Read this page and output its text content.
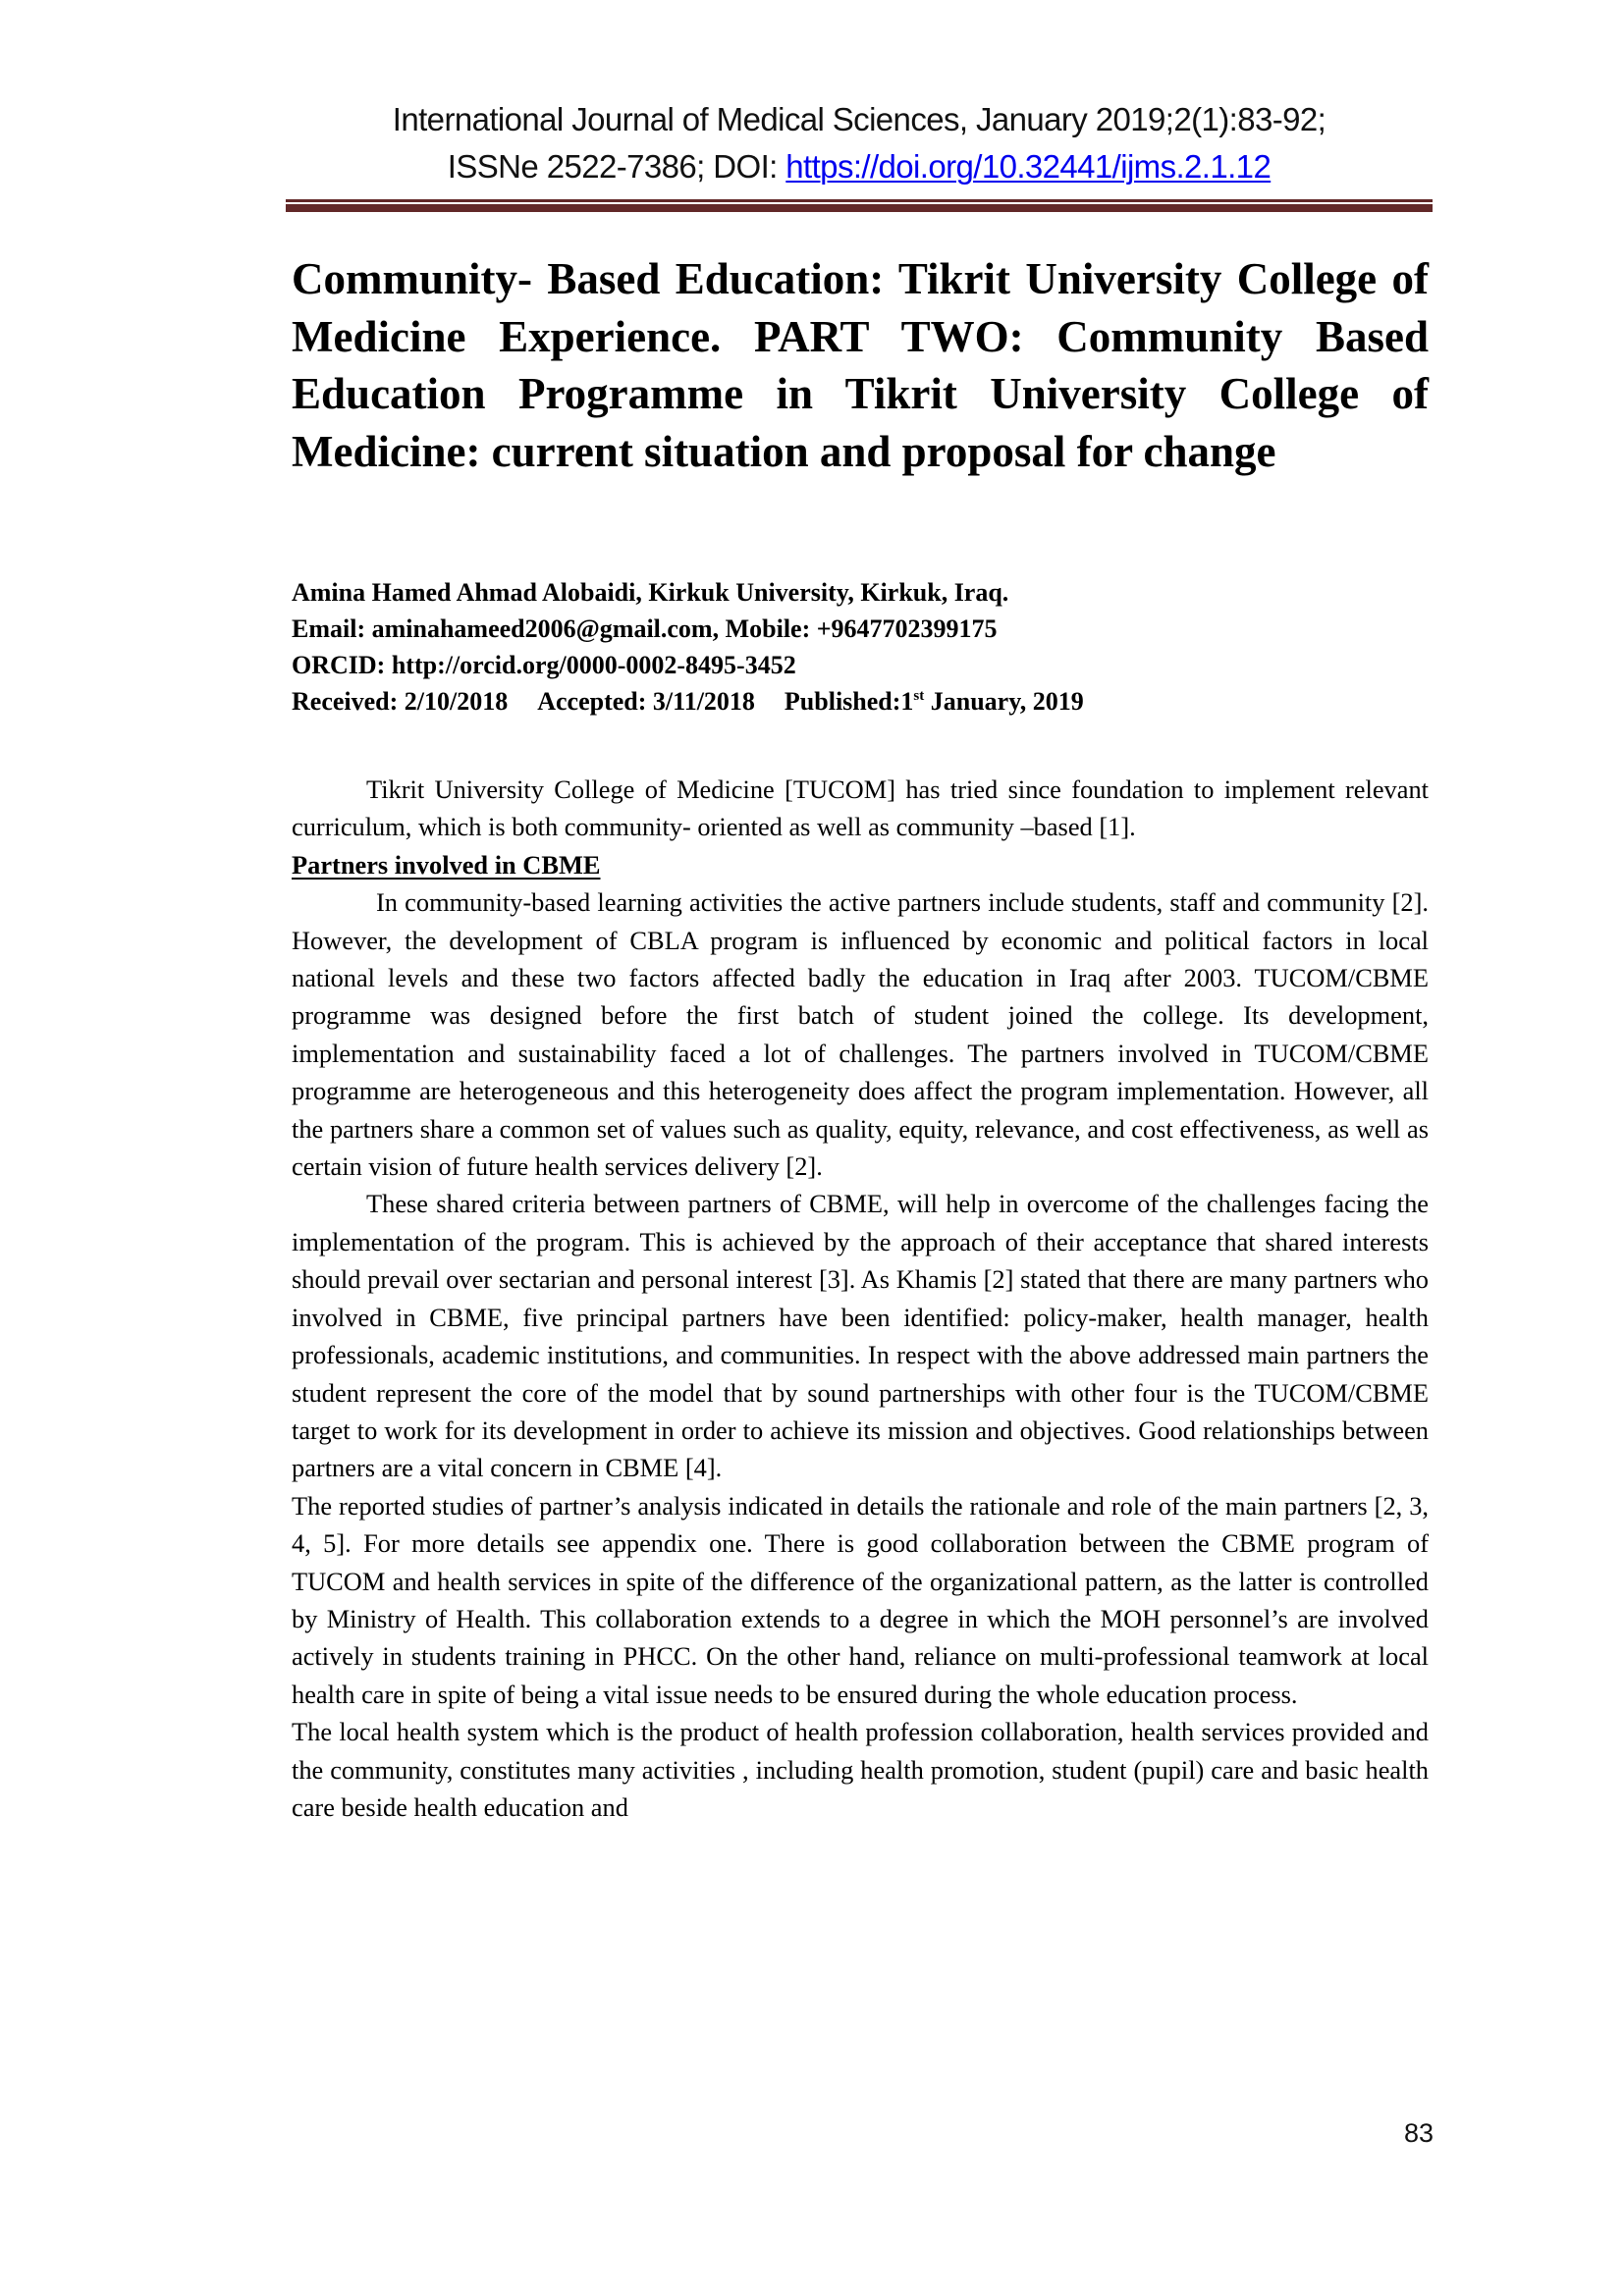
International Journal of Medical Sciences, January 2019;2(1):83-92;
ISSNe 2522-7386; DOI: https://doi.org/10.32441/ijms.2.1.12
Community- Based Education: Tikrit University College of Medicine Experience. PART TWO: Community Based Education Programme in Tikrit University College of Medicine: current situation and proposal for change
Amina Hamed Ahmad Alobaidi, Kirkuk University, Kirkuk, Iraq.
Email: aminahameed2006@gmail.com, Mobile: +9647702399175
ORCID: http://orcid.org/0000-0002-8495-3452
Received: 2/10/2018 Accepted: 3/11/2018 Published:1st January, 2019

Tikrit University College of Medicine [TUCOM] has tried since foundation to implement relevant curriculum, which is both community- oriented as well as community –based [1].

Partners involved in CBME

In community-based learning activities the active partners include students, staff and community [2]. However, the development of CBLA program is influenced by economic and political factors in local national levels and these two factors affected badly the education in Iraq after 2003. TUCOM/CBME programme was designed before the first batch of student joined the college. Its development, implementation and sustainability faced a lot of challenges. The partners involved in TUCOM/CBME programme are heterogeneous and this heterogeneity does affect the program implementation. However, all the partners share a common set of values such as quality, equity, relevance, and cost effectiveness, as well as certain vision of future health services delivery [2].

These shared criteria between partners of CBME, will help in overcome of the challenges facing the implementation of the program. This is achieved by the approach of their acceptance that shared interests should prevail over sectarian and personal interest [3]. As Khamis [2] stated that there are many partners who involved in CBME, five principal partners have been identified: policy-maker, health manager, health professionals, academic institutions, and communities. In respect with the above addressed main partners the student represent the core of the model that by sound partnerships with other four is the TUCOM/CBME target to work for its development in order to achieve its mission and objectives. Good relationships between partners are a vital concern in CBME [4].

The reported studies of partner’s analysis indicated in details the rationale and role of the main partners [2, 3, 4, 5]. For more details see appendix one. There is good collaboration between the CBME program of TUCOM and health services in spite of the difference of the organizational pattern, as the latter is controlled by Ministry of Health. This collaboration extends to a degree in which the MOH personnel’s are involved actively in students training in PHCC. On the other hand, reliance on multi-professional teamwork at local health care in spite of being a vital issue needs to be ensured during the whole education process.

The local health system which is the product of health profession collaboration, health services provided and the community, constitutes many activities , including health promotion, student (pupil) care and basic health care beside health education and

83
